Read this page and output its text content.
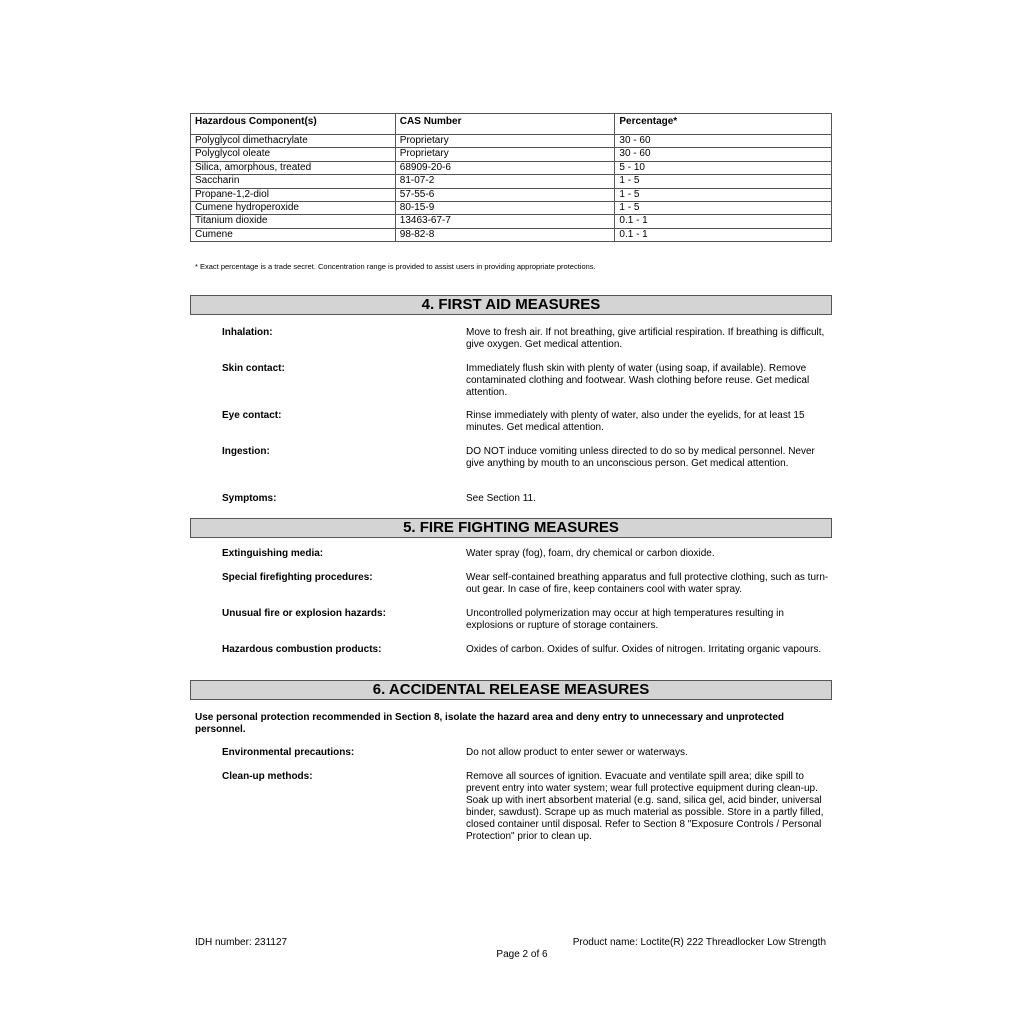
Hazardous Component(s)	CAS Number	Percentage*
Polyglycol dimethacrylate	Proprietary	30 - 60
Polyglycol oleate	Proprietary	30 - 60
Silica, amorphous, treated	68909-20-6	5 - 10
Saccharin	81-07-2	1 - 5
Propane-1,2-diol	57-55-6	1 - 5
Cumene hydroperoxide	80-15-9	1 - 5
Titanium dioxide	13463-67-7	0.1 - 1
Cumene	98-82-8	0.1 - 1
* Exact percentage is a trade secret. Concentration range is provided to assist users in providing appropriate protections.
4. FIRST AID MEASURES
Inhalation:	Move to fresh air. If not breathing, give artificial respiration. If breathing is difficult, give oxygen. Get medical attention.
Skin contact:	Immediately flush skin with plenty of water (using soap, if available). Remove contaminated clothing and footwear. Wash clothing before reuse. Get medical attention.
Eye contact:	Rinse immediately with plenty of water, also under the eyelids, for at least 15 minutes. Get medical attention.
Ingestion:	DO NOT induce vomiting unless directed to do so by medical personnel. Never give anything by mouth to an unconscious person. Get medical attention.
Symptoms:	See Section 11.
5. FIRE FIGHTING MEASURES
Extinguishing media:	Water spray (fog), foam, dry chemical or carbon dioxide.
Special firefighting procedures:	Wear self-contained breathing apparatus and full protective clothing, such as turn-out gear. In case of fire, keep containers cool with water spray.
Unusual fire or explosion hazards:	Uncontrolled polymerization may occur at high temperatures resulting in explosions or rupture of storage containers.
Hazardous combustion products:	Oxides of carbon. Oxides of sulfur. Oxides of nitrogen. Irritating organic vapours.
6. ACCIDENTAL RELEASE MEASURES
Use personal protection recommended in Section 8, isolate the hazard area and deny entry to unnecessary and unprotected personnel.
Environmental precautions:	Do not allow product to enter sewer or waterways.
Clean-up methods:	Remove all sources of ignition. Evacuate and ventilate spill area; dike spill to prevent entry into water system; wear full protective equipment during clean-up. Soak up with inert absorbent material (e.g. sand, silica gel, acid binder, universal binder, sawdust). Scrape up as much material as possible. Store in a partly filled, closed container until disposal. Refer to Section 8 "Exposure Controls / Personal Protection" prior to clean up.
IDH number: 231127	Product name: Loctite(R) 222 Threadlocker Low Strength
Page 2 of 6
